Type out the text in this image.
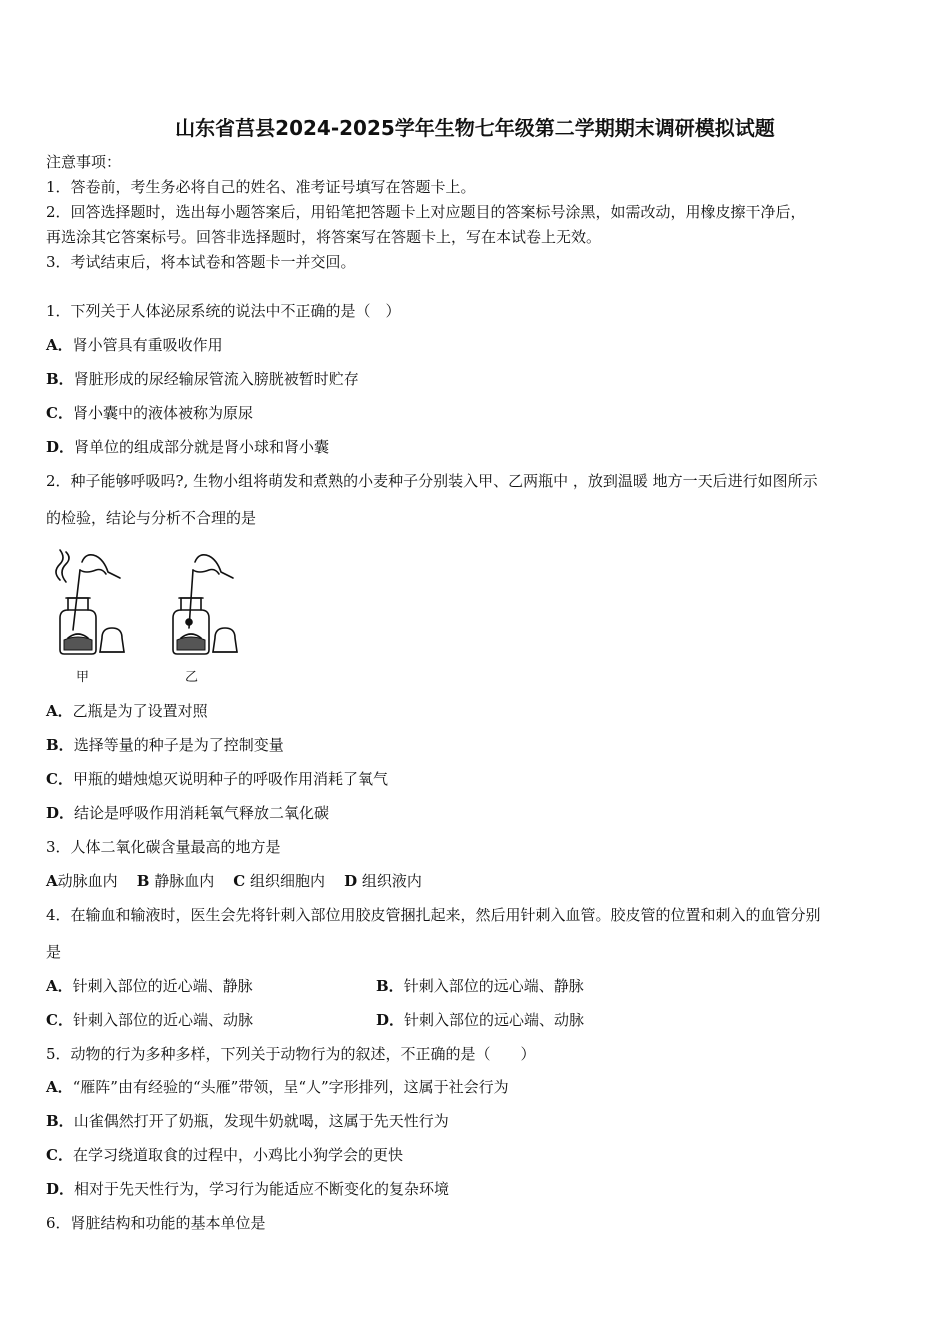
山东省莒县2024-2025学年生物七年级第二学期期末调研模拟试题
注意事项：
1．答卷前，考生务必将自己的姓名、准考证号填写在答题卡上。
2．回答选择题时，选出每小题答案后，用铅笔把答题卡上对应题目的答案标号涂黑，如需改动，用橡皮擦干净后，
再选涂其它答案标号。回答非选择题时，将答案写在答题卡上，写在本试卷上无效。
3．考试结束后，将本试卷和答题卡一并交回。
1．下列关于人体泌尿系统的说法中不正确的是（　）
A．肾小管具有重吸收作用
B．肾脏形成的尿经输尿管流入膀胱被暂时贮存
C．肾小囊中的液体被称为原尿
D．肾单位的组成部分就是肾小球和肾小囊
2．种子能够呼吸吗?, 生物小组将萌发和煮熟的小麦种子分别装入甲、乙两瓶中 ，放到温暖 地方一天后进行如图所示
的检验，结论与分析不合理的是
甲	乙
A．乙瓶是为了设置对照
B．选择等量的种子是为了控制变量
C．甲瓶的蜡烛熄灭说明种子的呼吸作用消耗了氧气
D．结论是呼吸作用消耗氧气释放二氧化碳
3．人体二氧化碳含量最高的地方是
A动脉血内 B 静脉血内 C 组织细胞内 D 组织液内
4．在输血和输液时，医生会先将针刺入部位用胶皮管捆扎起来，然后用针刺入血管。胶皮管的位置和刺入的血管分别
是
A．针刺入部位的近心端、静脉	B．针刺入部位的远心端、静脉
C．针刺入部位的近心端、动脉	D．针刺入部位的远心端、动脉
5．动物的行为多种多样，下列关于动物行为的叙述，不正确的是（　　）
A．“雁阵”由有经验的“头雁”带领，呈“人”字形排列，这属于社会行为
B．山雀偶然打开了奶瓶，发现牛奶就喝，这属于先天性行为
C．在学习绕道取食的过程中，小鸡比小狗学会的更快
D．相对于先天性行为，学习行为能适应不断变化的复杂环境
6．肾脏结构和功能的基本单位是
